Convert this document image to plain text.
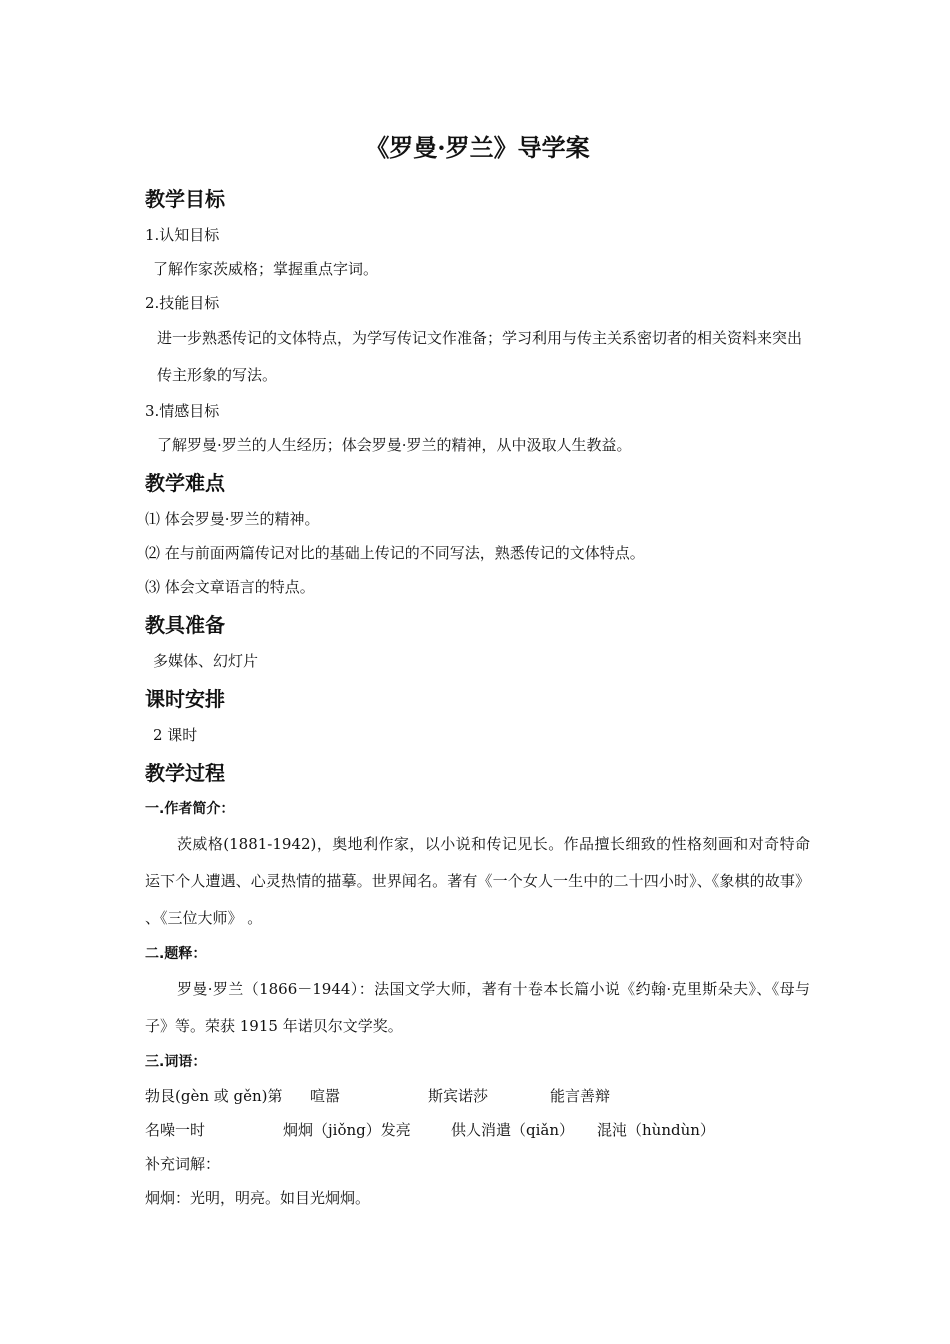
《罗曼·罗兰》导学案
教学目标

1.认知目标

了解作家茨威格；掌握重点字词。

2.技能目标

进一步熟悉传记的文体特点，为学写传记文作准备；学习利用与传主关系密切者的相关资料来突出传主形象的写法。

3.情感目标

了解罗曼·罗兰的人生经历；体会罗曼·罗兰的精神，从中汲取人生教益。

教学难点

⑴ 体会罗曼·罗兰的精神。

⑵ 在与前面两篇传记对比的基础上传记的不同写法，熟悉传记的文体特点。

⑶ 体会文章语言的特点。

教具准备

多媒体、幻灯片

课时安排

2 课时

教学过程

一.作者简介：

茨威格(1881-1942)，奥地利作家，以小说和传记见长。作品擅长细致的性格刻画和对奇特命运下个人遭遇、心灵热情的描摹。世界闻名。著有《一个女人一生中的二十四小时》、《象棋的故事》 、《三位大师》 。

二.题释：

罗曼·罗兰（1866－1944）：法国文学大师，著有十卷本长篇小说《约翰·克里斯朵夫》、《母与子》等。荣获 1915 年诺贝尔文学奖。

三.词语：

勃艮(gèn 或 gěn)第	喧嚣	斯宾诺莎	能言善辩
名噪一时	炯炯（jiǒng）发亮	供人消遣（qiǎn）	混沌（hùndùn）

补充词解：

炯炯：光明，明亮。如目光炯炯。
